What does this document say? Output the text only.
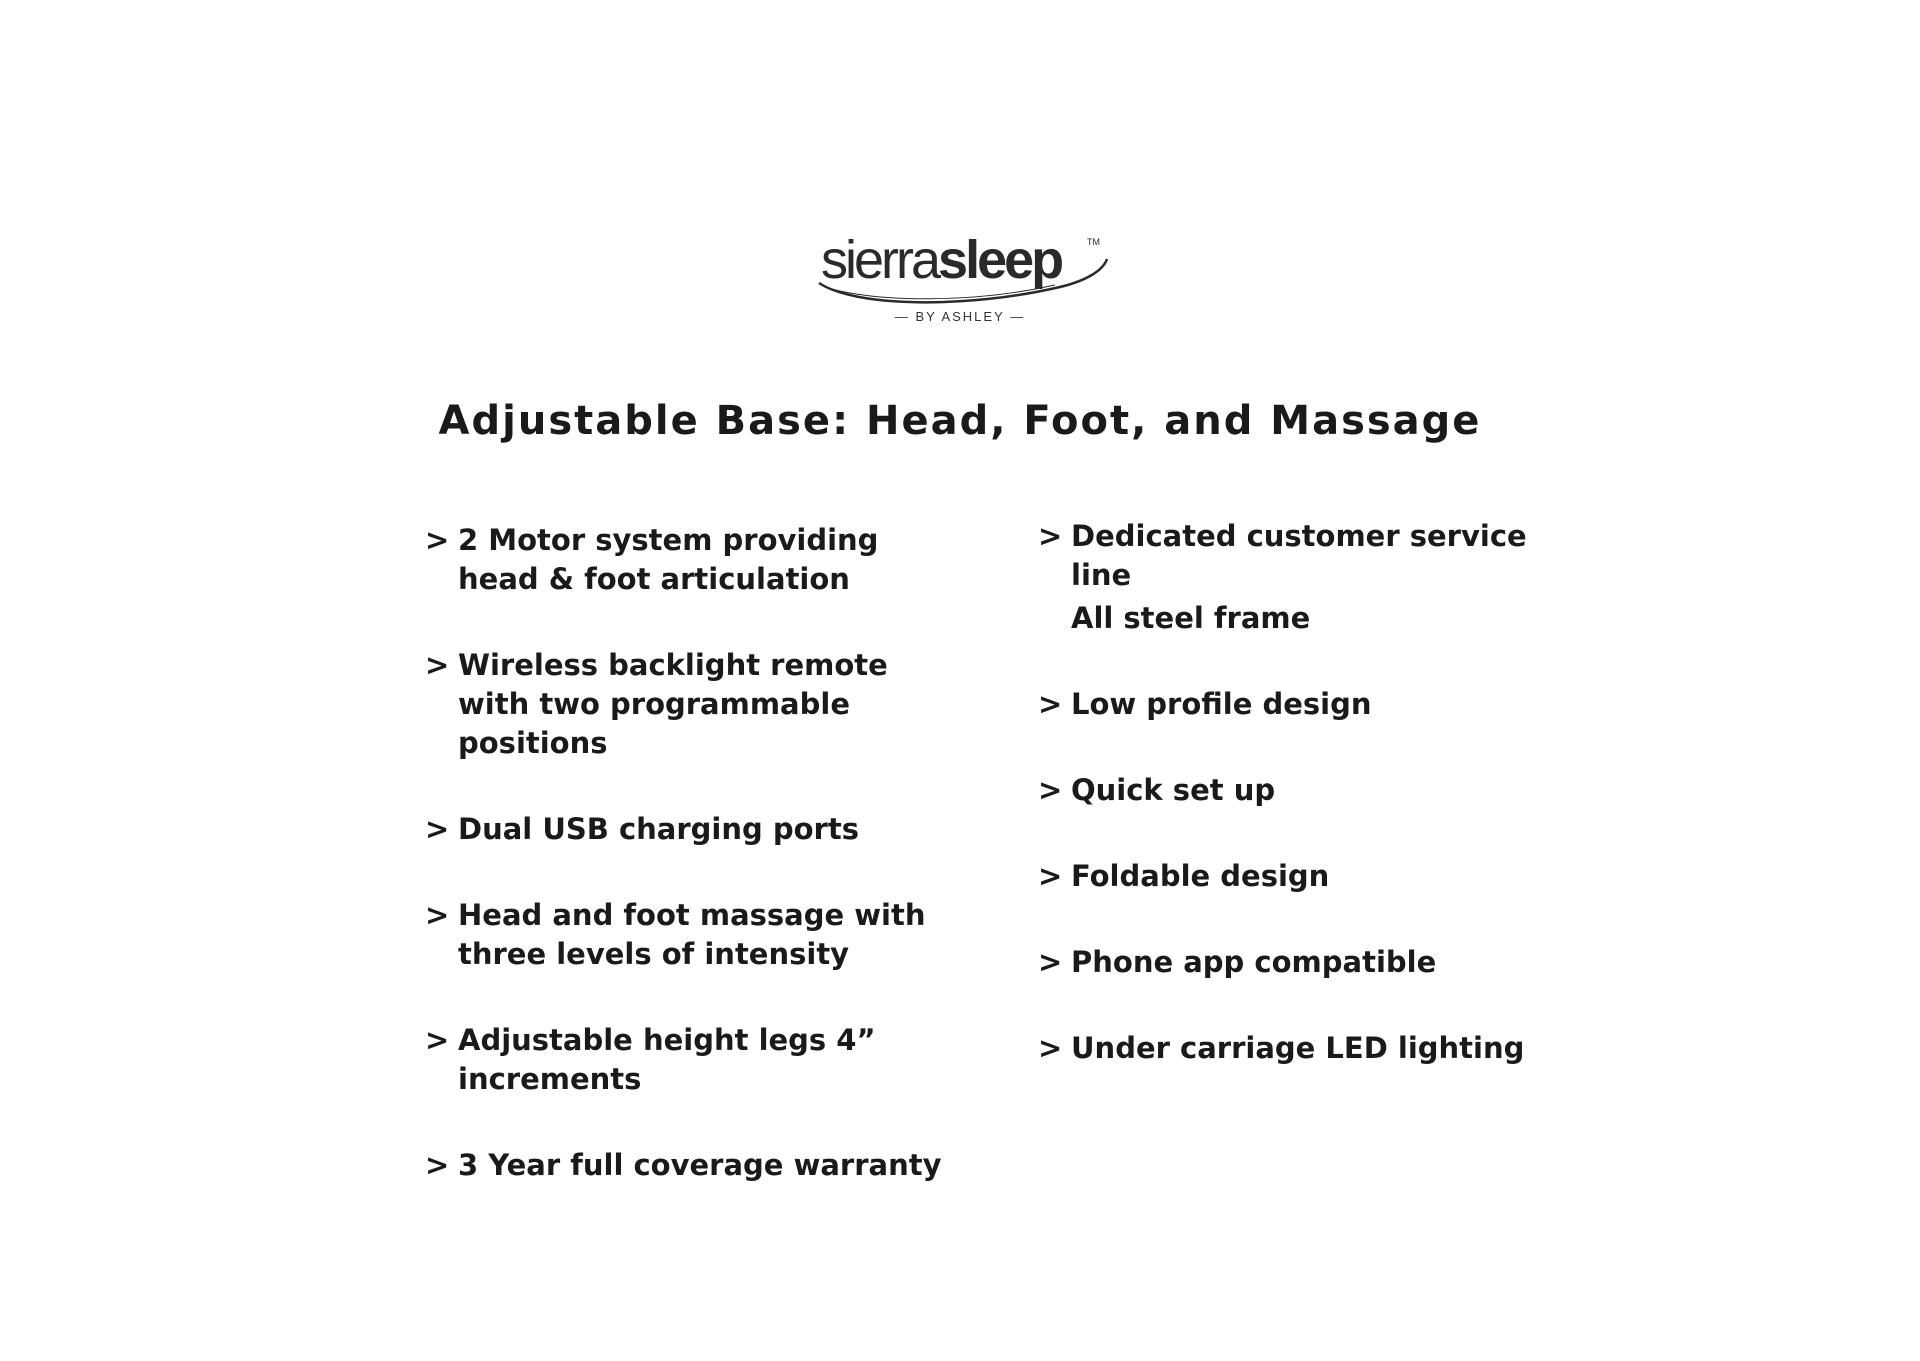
sierrasleep	TM
— BY ASHLEY —
Adjustable Base: Head, Foot, and Massage
> 2 Motor system providing head & foot articulation
> Wireless backlight remote with two programmable positions
> Dual USB charging ports
> Head and foot massage with three levels of intensity
> Adjustable height legs 4” increments
> 3 Year full coverage warranty
> Dedicated customer service line
All steel frame
> Low profile design
> Quick set up
> Foldable design
> Phone app compatible
> Under carriage LED lighting
